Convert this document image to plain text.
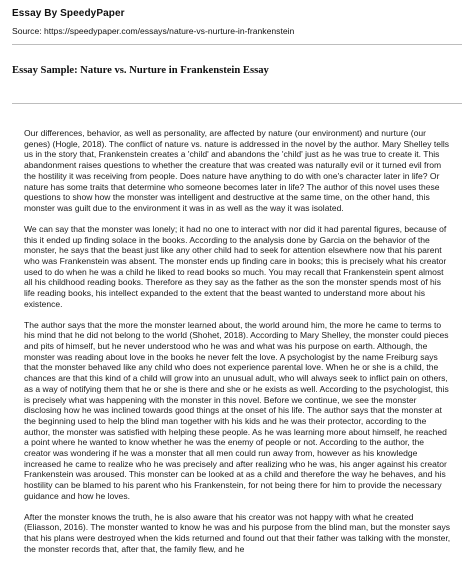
Essay By SpeedyPaper
Source: https://speedypaper.com/essays/nature-vs-nurture-in-frankenstein
Essay Sample: Nature vs. Nurture in Frankenstein Essay

Our differences, behavior, as well as personality, are affected by nature (our environment) and nurture (our genes) (Hogle, 2018). The conflict of nature vs. nature is addressed in the novel by the author. Mary Shelley tells us in the story that, Frankenstein creates a 'child' and abandons the 'child' just as he was true to create it. This abandonment raises questions to whether the creature that was created was naturally evil or it turned evil from the hostility it was receiving from people. Does nature have anything to do with one's character later in life? Or nature has some traits that determine who someone becomes later in life? The author of this novel uses these questions to show how the monster was intelligent and destructive at the same time, on the other hand, this monster was guilt due to the environment it was in as well as the way it was isolated.

We can say that the monster was lonely; it had no one to interact with nor did it had parental figures, because of this it ended up finding solace in the books. According to the analysis done by Garcia on the behavior of the monster, he says that the beast just like any other child had to seek for attention elsewhere now that his parent who was Frankenstein was absent. The monster ends up finding care in books; this is precisely what his creator used to do when he was a child he liked to read books so much. You may recall that Frankenstein spent almost all his childhood reading books. Therefore as they say as the father as the son the monster spends most of his life reading books, his intellect expanded to the extent that the beast wanted to understand more about his existence.

The author says that the more the monster learned about, the world around him, the more he came to terms to his mind that he did not belong to the world (Shohet, 2018). According to Mary Shelley, the monster could pieces and pits of himself, but he never understood who he was and what was his purpose on earth. Although, the monster was reading about love in the books he never felt the love. A psychologist by the name Freiburg says that the monster behaved like any child who does not experience parental love. When he or she is a child, the chances are that this kind of a child will grow into an unusual adult, who will always seek to inflict pain on others, as a way of notifying them that he or she is there and she or he exists as well. According to the psychologist, this is precisely what was happening with the monster in this novel. Before we continue, we see the monster disclosing how he was inclined towards good things at the onset of his life. The author says that the monster at the beginning used to help the blind man together with his kids and he was their protector, according to the author, the monster was satisfied with helping these people. As he was learning more about himself, he reached a point where he wanted to know whether he was the enemy of people or not. According to the author, the creator was wondering if he was a monster that all men could run away from, however as his knowledge increased he came to realize who he was precisely and after realizing who he was, his anger against his creator Frankenstein was aroused. This monster can be looked at as a child and therefore the way he behaves, and his hostility can be blamed to his parent who his Frankenstein, for not being there for him to provide the necessary guidance and how he loves.

After the monster knows the truth, he is also aware that his creator was not happy with what he created (Eliasson, 2016). The monster wanted to know he was and his purpose from the blind man, but the monster says that his plans were destroyed when the kids returned and found out that their father was talking with the monster, the monster records that, after that, the family flew, and he
